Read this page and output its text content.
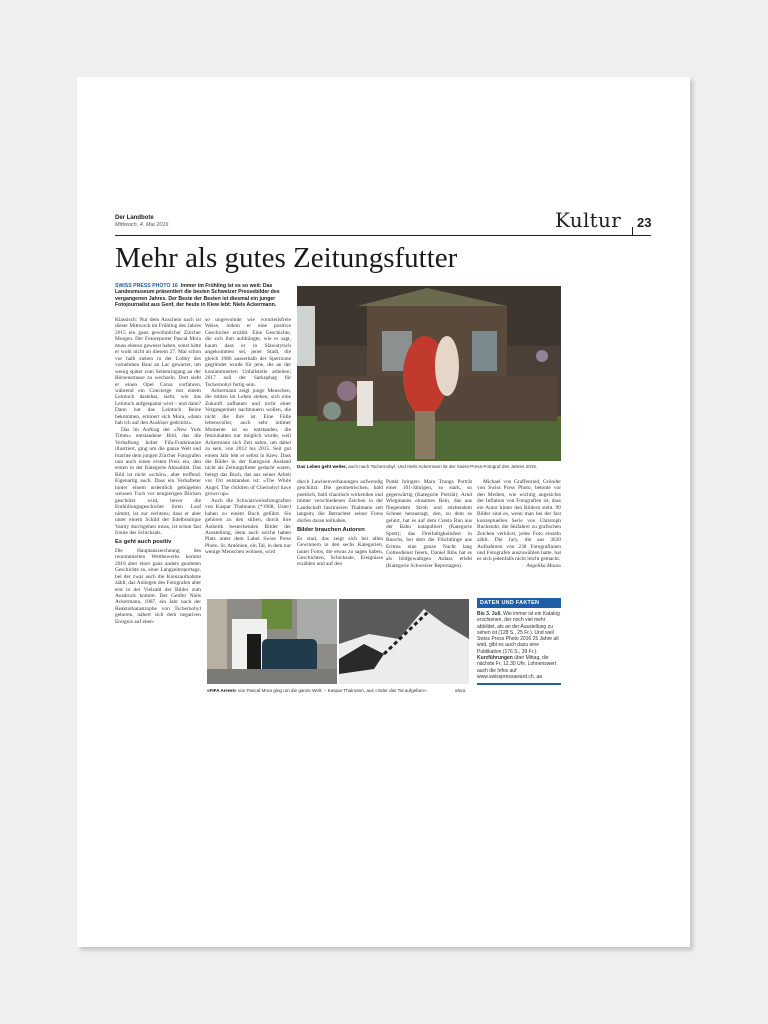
Der Landbote
Mittwoch, 4. Mai 2016	Kultur 23
Mehr als gutes Zeitungsfutter
SWISS PRESS PHOTO 16 Immer im Frühling ist es so weit: Das Landesmuseum präsentiert die besten Schweizer Pressebilder des vergangenen Jahres. Der Beste der Besten ist diesmal ein junger Fotojournalist aus Genf, der heute in Kiew lebt: Niels Ackermann.

Klassisch: Nur dem Anschein nach ist dieser Mittwoch im Frühling des Jahres 2015 ein ganz gewöhnlicher Zürcher Morgen. Der Fotoreporter Pascal Mora muss ebenso gewesst haben, sonst hätte er wohl nicht an diesem 27. Mai schon vor halb sieben in der Lobby des vornehmen Baur au Lac gewartet, um wenig später zum Seitenringang an der Börsenstrasse zu wechseln. Dort sieht er einen Opel Corsa vorfahren, während ein Concierge mit einem Leintuch dastehat, sieht, wie das Leintuch aufgespannt wird – und dann? Dann hat das Leintuch Beine bekommen, erinnert sich Mora, «dann hab ich auf den Auslöser gedrückt».

Das im Auftrag der «New York Times» entstandene Bild, das die Verhaftung hoher Fifa-Funktionäre illustriert, ging um die ganze Welt und brachte dem jungen Zürcher Fotografen nun auch einen ersten Preis ein, den ersten in der Kategorie Aktualität. Das Bild ist nicht «schön», aber treffend. Eigenartig auch. Dass ein Verhafteter hinter einem ordentlich gebügelten weissen Tuch vor neugierigen Blicken geschützt wird, bevor die Enthüllungsgeschichte ihren Lauf nimmt, ist zur rechtens; dass er aber unter einem Schild der Edelboutique Vanity durchgehen muss, ist schon fast Ironie des Schicksals.

Es geht auch positiv

Die Hauptauszeichnung des renommierten Wettbewerbs kommt 2016 aber einer ganz anders gearteten Geschichte zu, einer Langzeitreportage, bei der zwar auch die Kreuzaufnahme zählt, das Anliegen des Fotografen aber erst in der Vielzahl der Bilder zum Ausdruck kommt. Der Genfer Niels Ackermann, 1987, ein Jahr nach der Reaktorkatastrophe von Tschernobyl geboren, nähert sich dem negativen Ereignis auf eben-

so ungewohnte wie vorurteilsfreie Weise, indem er eine positive Geschichte erzählt. Eine Geschichte, die sich ihm aufdrängte, wie er sagt, kaum dass er in Slawutytsch angekommen sei, jener Stadt, die gleich 1986 ausserhalb der Sperrzone gegründet wurde für jene, die an der kontaminierten Unfallstelle arbeiten; 2017 soll der Sarkophag für Tschernobyl fertig sein.

Ackermann zeigt junge Menschen, die mitten im Leben stehen, sich eine Zukunft aufbauen und nicht einer Vergangenheit nachtrauern wollen, die nicht die ihre ist. Eine Fülle lebensvoller, auch sehr intimer Momente ist so entstanden, die festzuhalten nur möglich wurde, weil Ackermann sich Zeit nahm, um dabei zu sein, von 2012 bis 2015. Seit gut einem Jahr lebt er selbst in Kiew. Dass die Bilder in der Kategorie Ausland nicht als Zeitungsfutter gedacht waren, belegt das Buch, das aus seiner Arbeit vor Ort entstanden ist: «The White Angel. The children of Chernobyl have grown up».

Auch die Schwarzweissfotografien von Kaspar Thalmann (*1968, Uster) haben zu einem Buch geführt. Sie gehören zu den stillen, durch ihre Ästhetik bestechenden Bilder der Ausstellung, denn auch solche haben Platz unter dem Label Swiss Press Photo. St. Antönien, ein Tal, in dem nur wenige Menschen wohnen, wird

Das Leben geht weiter, auch nach Tschernobyl. Und Niels Ackermann ist der Swiss-Press-Fotograf des Jahres 2015.

durch Lawinenverbauungen aufwendig geschützt. Die geometrischen, bald poetisch, bald chaotisch wirkenden und immer verschiedenen Zeichen in der Landschaft faszinieren Thalmann seit langem; die Betrachter seiner Fotos dürfen daran teilhaben.

Bilder brauchen Autoren

Es sind, das zeigt sich bei allen Gewinnern in den sechs Kategorien, lauter Fotos, die etwas zu sagen haben, Geschichten, Schicksale, Ereignisse erzählen und auf den

Punkt bringen: Mara Truogs Porträt einer 101-Jährigen, so stark, so gegenwärtig (Kategorie Porträt); Arnd Wiegmanns einsames Bein, das aus fliegendem Stroh und stiebendem Schnee herausragt, den, zu dem es gehört, hat es auf dem Cresta Run aus der Bahn katapultiert (Kategorie Sport); das Dreifaltigkeitsfest in Buochs, bei dem die Flüchtlinge aus Eritrea eine ganze Nacht lang Gottesdienst feiern, Daniel Rihs hat es als bildgewaltigen Anlass erlebt (Kategorie Schweizer Reportagen).

Michael von Graffenried, Gründer von Swiss Press Photo, betonte vor den Medien, wie wichtig angesichts der Inflation von Fotografien ist, dass ein Autor hinter den Bildern steht. 99 Bilder sind es, wenn man bei der fast konzeptuellen Serie von Christoph Ruckstuhl, die Skifahrer zu grafischen Zeichen verkürzt, jedes Foto einzeln zählt. Die Jury, die aus 3620 Aufnahmen von 238 Fotografinnen und Fotografen auszuwählen hatte, hat es sich jedenfalls nicht leicht gemacht.

Angelika Maass
«FIFA Arrest» von Pascal Mora ging um die ganze Welt. – Kaspar Thalmann, aus «Oder das Tal aufgeben».	Mora
DATEN UND FAKTEN
Bis 3. Juli. Wie immer ist ein Katalog erschienen, der noch viel mehr abbildet, als an der Ausstellung zu sehen ist (128 S., 25 Fr.). Und weil Swiss Press Photo 2016 25 Jahre alt wird, gibt es auch dazu eine Publikation (176 S., 39 Fr.). Kurzführungen über Mittag, die nächste Fr, 12.30 Uhr. Lohnenswert auch die Infos auf www.swisspressaward.ch. aa
